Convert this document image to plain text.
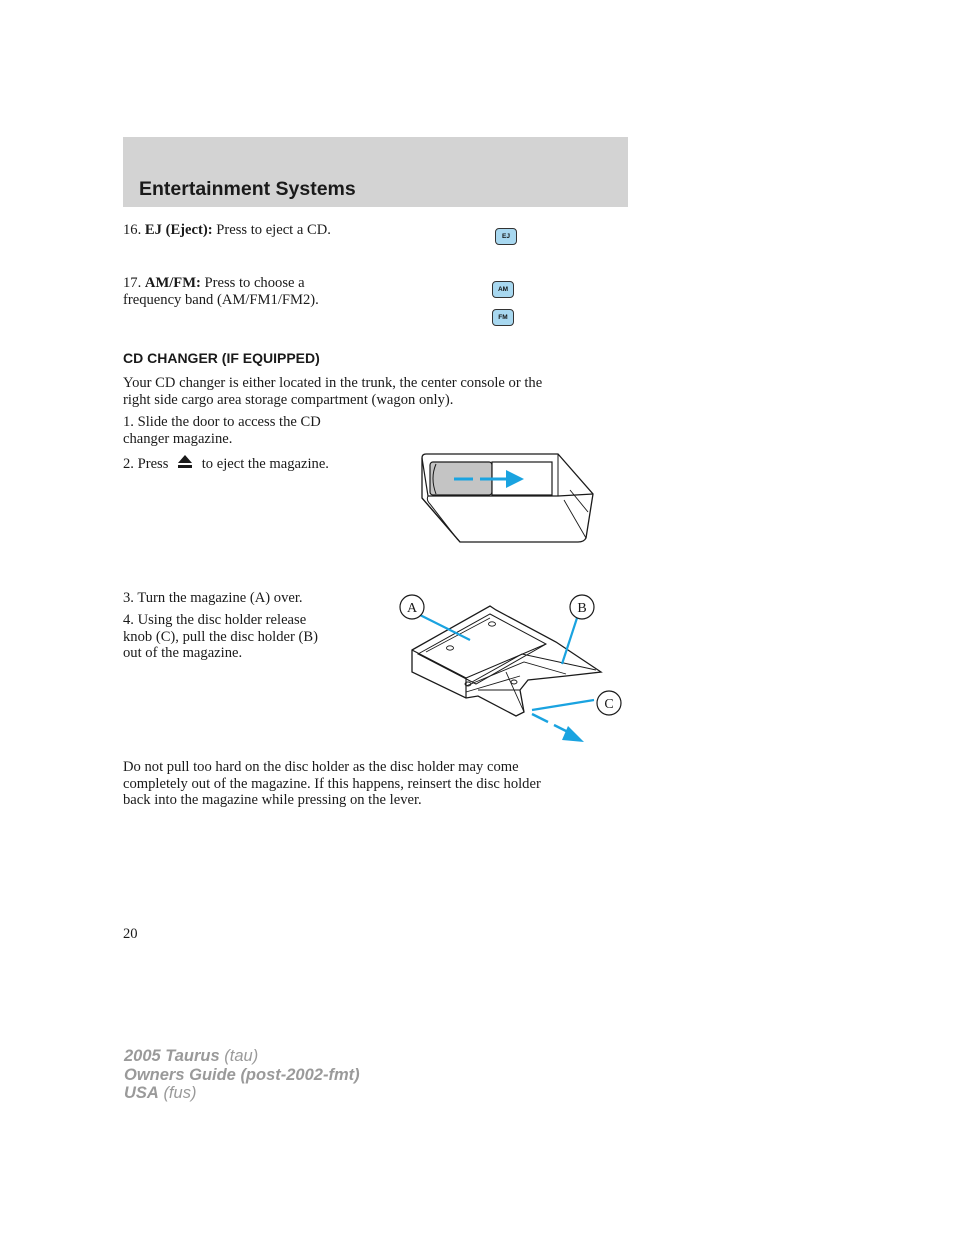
Entertainment Systems
16. EJ (Eject): Press to eject a CD.	EJ
17. AM/FM: Press to choose a
frequency band (AM/FM1/FM2).
AM
FM
CD CHANGER (IF EQUIPPED)
Your CD changer is either located in the trunk, the center console or the
right side cargo area storage compartment (wagon only).
1. Slide the door to access the CD
changer magazine.
2. Press to eject the magazine.
3. Turn the magazine (A) over.
4. Using the disc holder release
knob (C), pull the disc holder (B)
out of the magazine.
A	B
C
Do not pull too hard on the disc holder as the disc holder may come
completely out of the magazine. If this happens, reinsert the disc holder
back into the magazine while pressing on the lever.
20
2005 Taurus (tau)
Owners Guide (post-2002-fmt)
USA (fus)
